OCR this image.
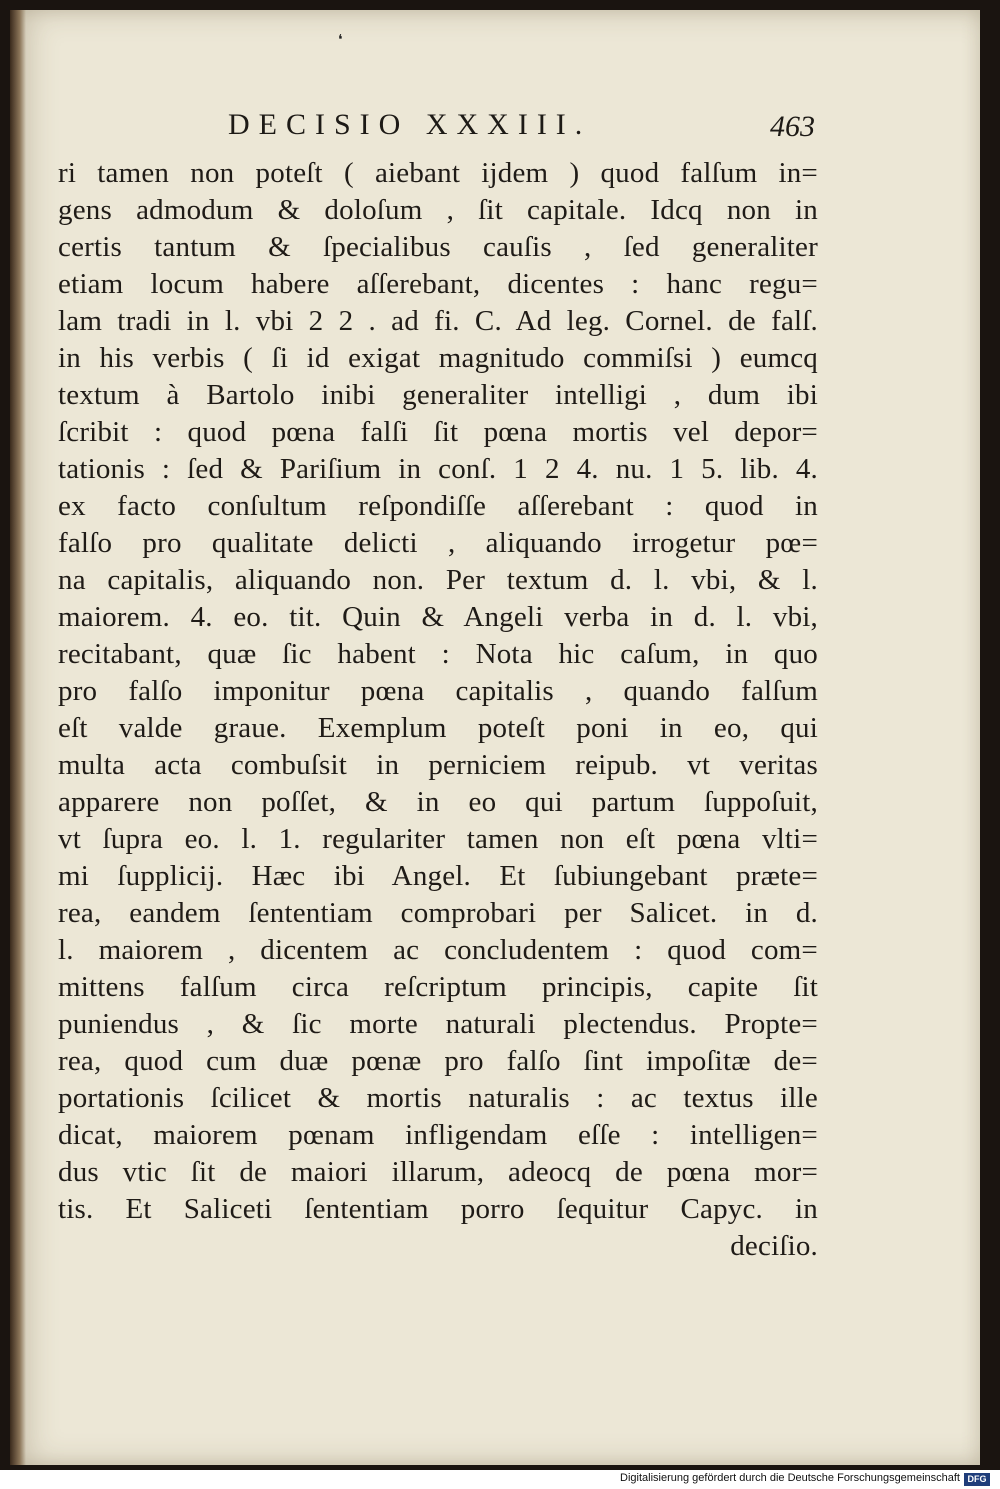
❛
DECISIO XXXIII.	463
ri tamen non poteſt ( aiebant ijdem ) quod falſum in=
gens admodum & doloſum , ſit capitale. Idcq non in
certis tantum & ſpecialibus cauſis , ſed generaliter
etiam locum habere aſſerebant, dicentes : hanc regu=
lam tradi in l. vbi 2 2 . ad fi. C. Ad leg. Cornel. de falſ.
in his verbis ( ſi id exigat magnitudo commiſsi ) eumcq
textum à Bartolo inibi generaliter intelligi , dum ibi
ſcribit : quod pœna falſi ſit pœna mortis vel depor=
tationis : ſed & Pariſium in conſ. 1 2 4. nu. 1 5. lib. 4.
ex facto conſultum reſpondiſſe aſſerebant : quod in
falſo pro qualitate delicti , aliquando irrogetur pœ=
na capitalis, aliquando non. Per textum d. l. vbi, & l.
maiorem. 4. eo. tit. Quin & Angeli verba in d. l. vbi,
recitabant, quæ ſic habent : Nota hic caſum, in quo
pro falſo imponitur pœna capitalis , quando falſum
eſt valde graue. Exemplum poteſt poni in eo, qui
multa acta combuſsit in perniciem reipub. vt veritas
apparere non poſſet, & in eo qui partum ſuppoſuit,
vt ſupra eo. l. 1. regulariter tamen non eſt pœna vlti=
mi ſupplicij. Hæc ibi Angel. Et ſubiungebant præte=
rea, eandem ſententiam comprobari per Salicet. in d.
l. maiorem , dicentem ac concludentem : quod com=
mittens falſum circa reſcriptum principis, capite ſit
puniendus , & ſic morte naturali plectendus. Propte=
rea, quod cum duæ pœnæ pro falſo ſint impoſitæ de=
portationis ſcilicet & mortis naturalis : ac textus ille
dicat, maiorem pœnam infligendam eſſe : intelligen=
dus vtic ſit de maiori illarum, adeocq de pœna mor=
tis. Et Saliceti ſententiam porro ſequitur Capyc. in
deciſio.
Digitalisierung gefördert durch die Deutsche Forschungsgemeinschaft DFG
